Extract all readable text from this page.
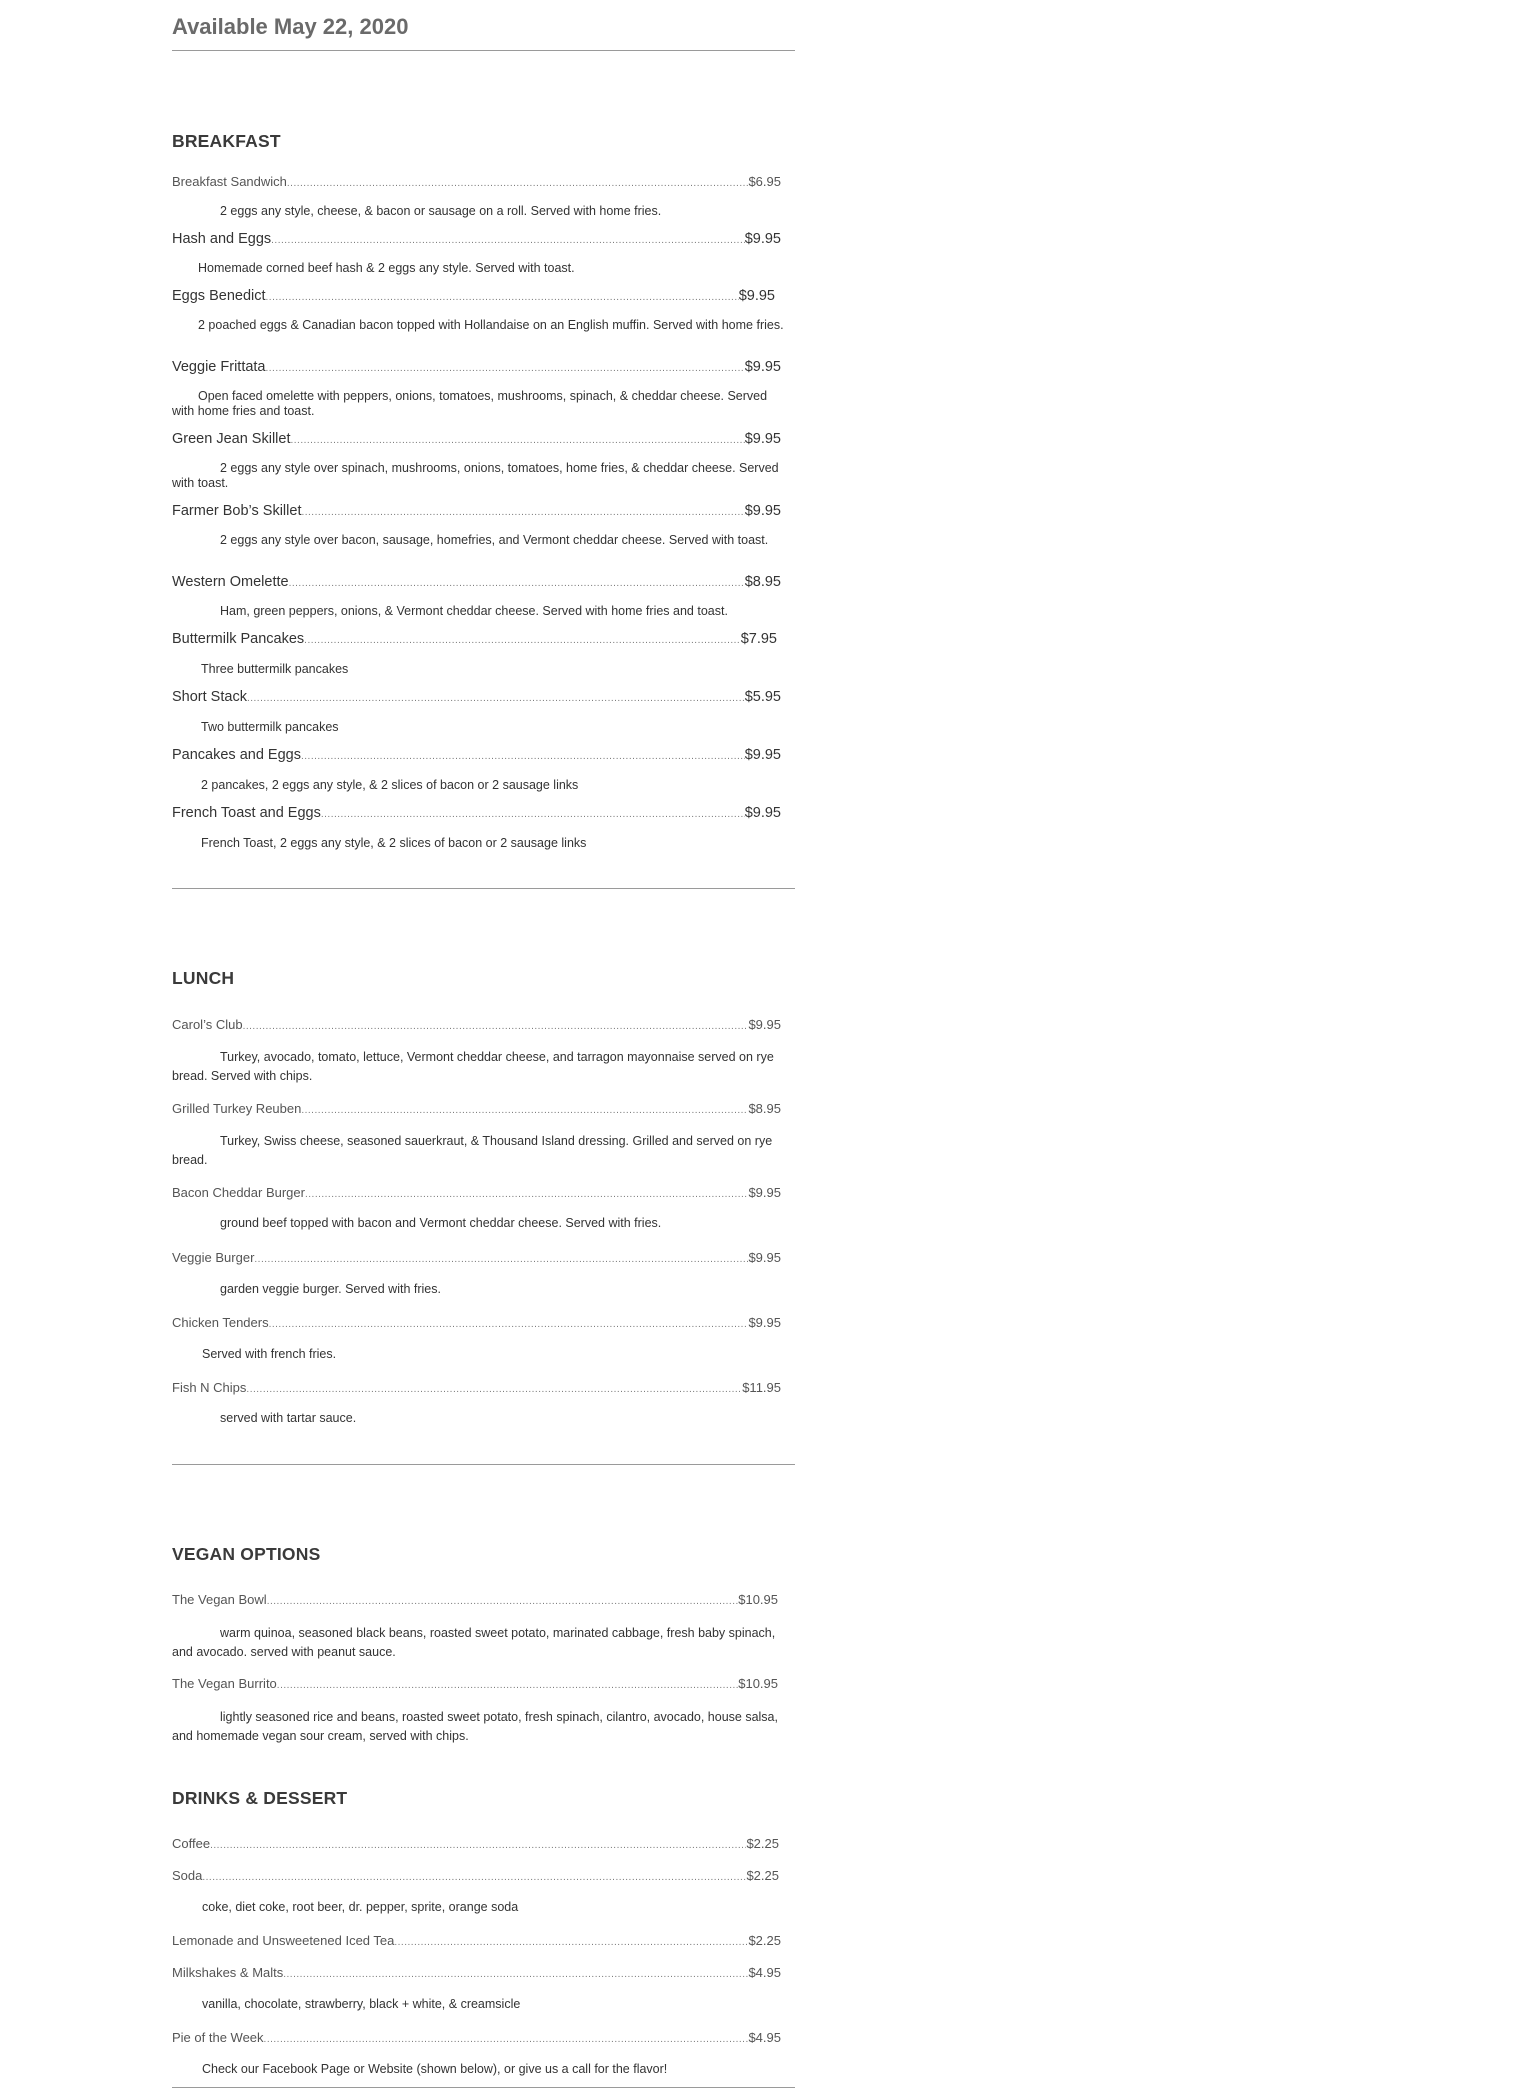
Available May 22, 2020
BREAKFAST
Breakfast Sandwich .....	$6.95
2 eggs any style, cheese, & bacon or sausage on a roll. Served with home fries.
Hash and Eggs .....	$9.95
Homemade corned beef hash & 2 eggs any style. Served with toast.
Eggs Benedict .....	$9.95
2 poached eggs & Canadian bacon topped with Hollandaise on an English muffin. Served with home fries.
Veggie Frittata .....	$9.95
Open faced omelette with peppers, onions, tomatoes, mushrooms, spinach, & cheddar cheese. Served with home fries and toast.
Green Jean Skillet .....	$9.95
2 eggs any style over spinach, mushrooms, onions, tomatoes, home fries, & cheddar cheese. Served with toast.
Farmer Bob’s Skillet .....	$9.95
2 eggs any style over bacon, sausage, homefries, and Vermont cheddar cheese. Served with toast.
Western Omelette .....	$8.95
Ham, green peppers, onions, & Vermont cheddar cheese. Served with home fries and toast.
Buttermilk Pancakes .....	$7.95
Three buttermilk pancakes
Short Stack .....	$5.95
Two buttermilk pancakes
Pancakes and Eggs .....	$9.95
2 pancakes, 2 eggs any style, & 2 slices of bacon or 2 sausage links
French Toast and Eggs .....	$9.95
French Toast, 2 eggs any style, & 2 slices of bacon or 2 sausage links
LUNCH
Carol’s Club .....	$9.95
Turkey, avocado, tomato, lettuce, Vermont cheddar cheese, and tarragon mayonnaise served on rye bread. Served with chips.
Grilled Turkey Reuben .....	$8.95
Turkey, Swiss cheese, seasoned sauerkraut, & Thousand Island dressing. Grilled and served on rye bread.
Bacon Cheddar Burger .....	$9.95
ground beef topped with bacon and Vermont cheddar cheese. Served with fries.
Veggie Burger .....	$9.95
garden veggie burger. Served with fries.
Chicken Tenders .....	$9.95
Served with french fries.
Fish N Chips .....	$11.95
served with tartar sauce.
VEGAN OPTIONS
The Vegan Bowl .....	$10.95
warm quinoa, seasoned black beans, roasted sweet potato, marinated cabbage, fresh baby spinach, and avocado. served with peanut sauce.
The Vegan Burrito .....	$10.95
lightly seasoned rice and beans, roasted sweet potato, fresh spinach, cilantro, avocado, house salsa, and homemade vegan sour cream, served with chips.
DRINKS & DESSERT
Coffee .....	$2.25
Soda .....	$2.25
coke, diet coke, root beer, dr. pepper, sprite, orange soda
Lemonade and Unsweetened Iced Tea .....	$2.25
Milkshakes & Malts .....	$4.95
vanilla, chocolate, strawberry, black + white, & creamsicle
Pie of the Week .....	$4.95
Check our Facebook Page or Website (shown below), or give us a call for the flavor!
